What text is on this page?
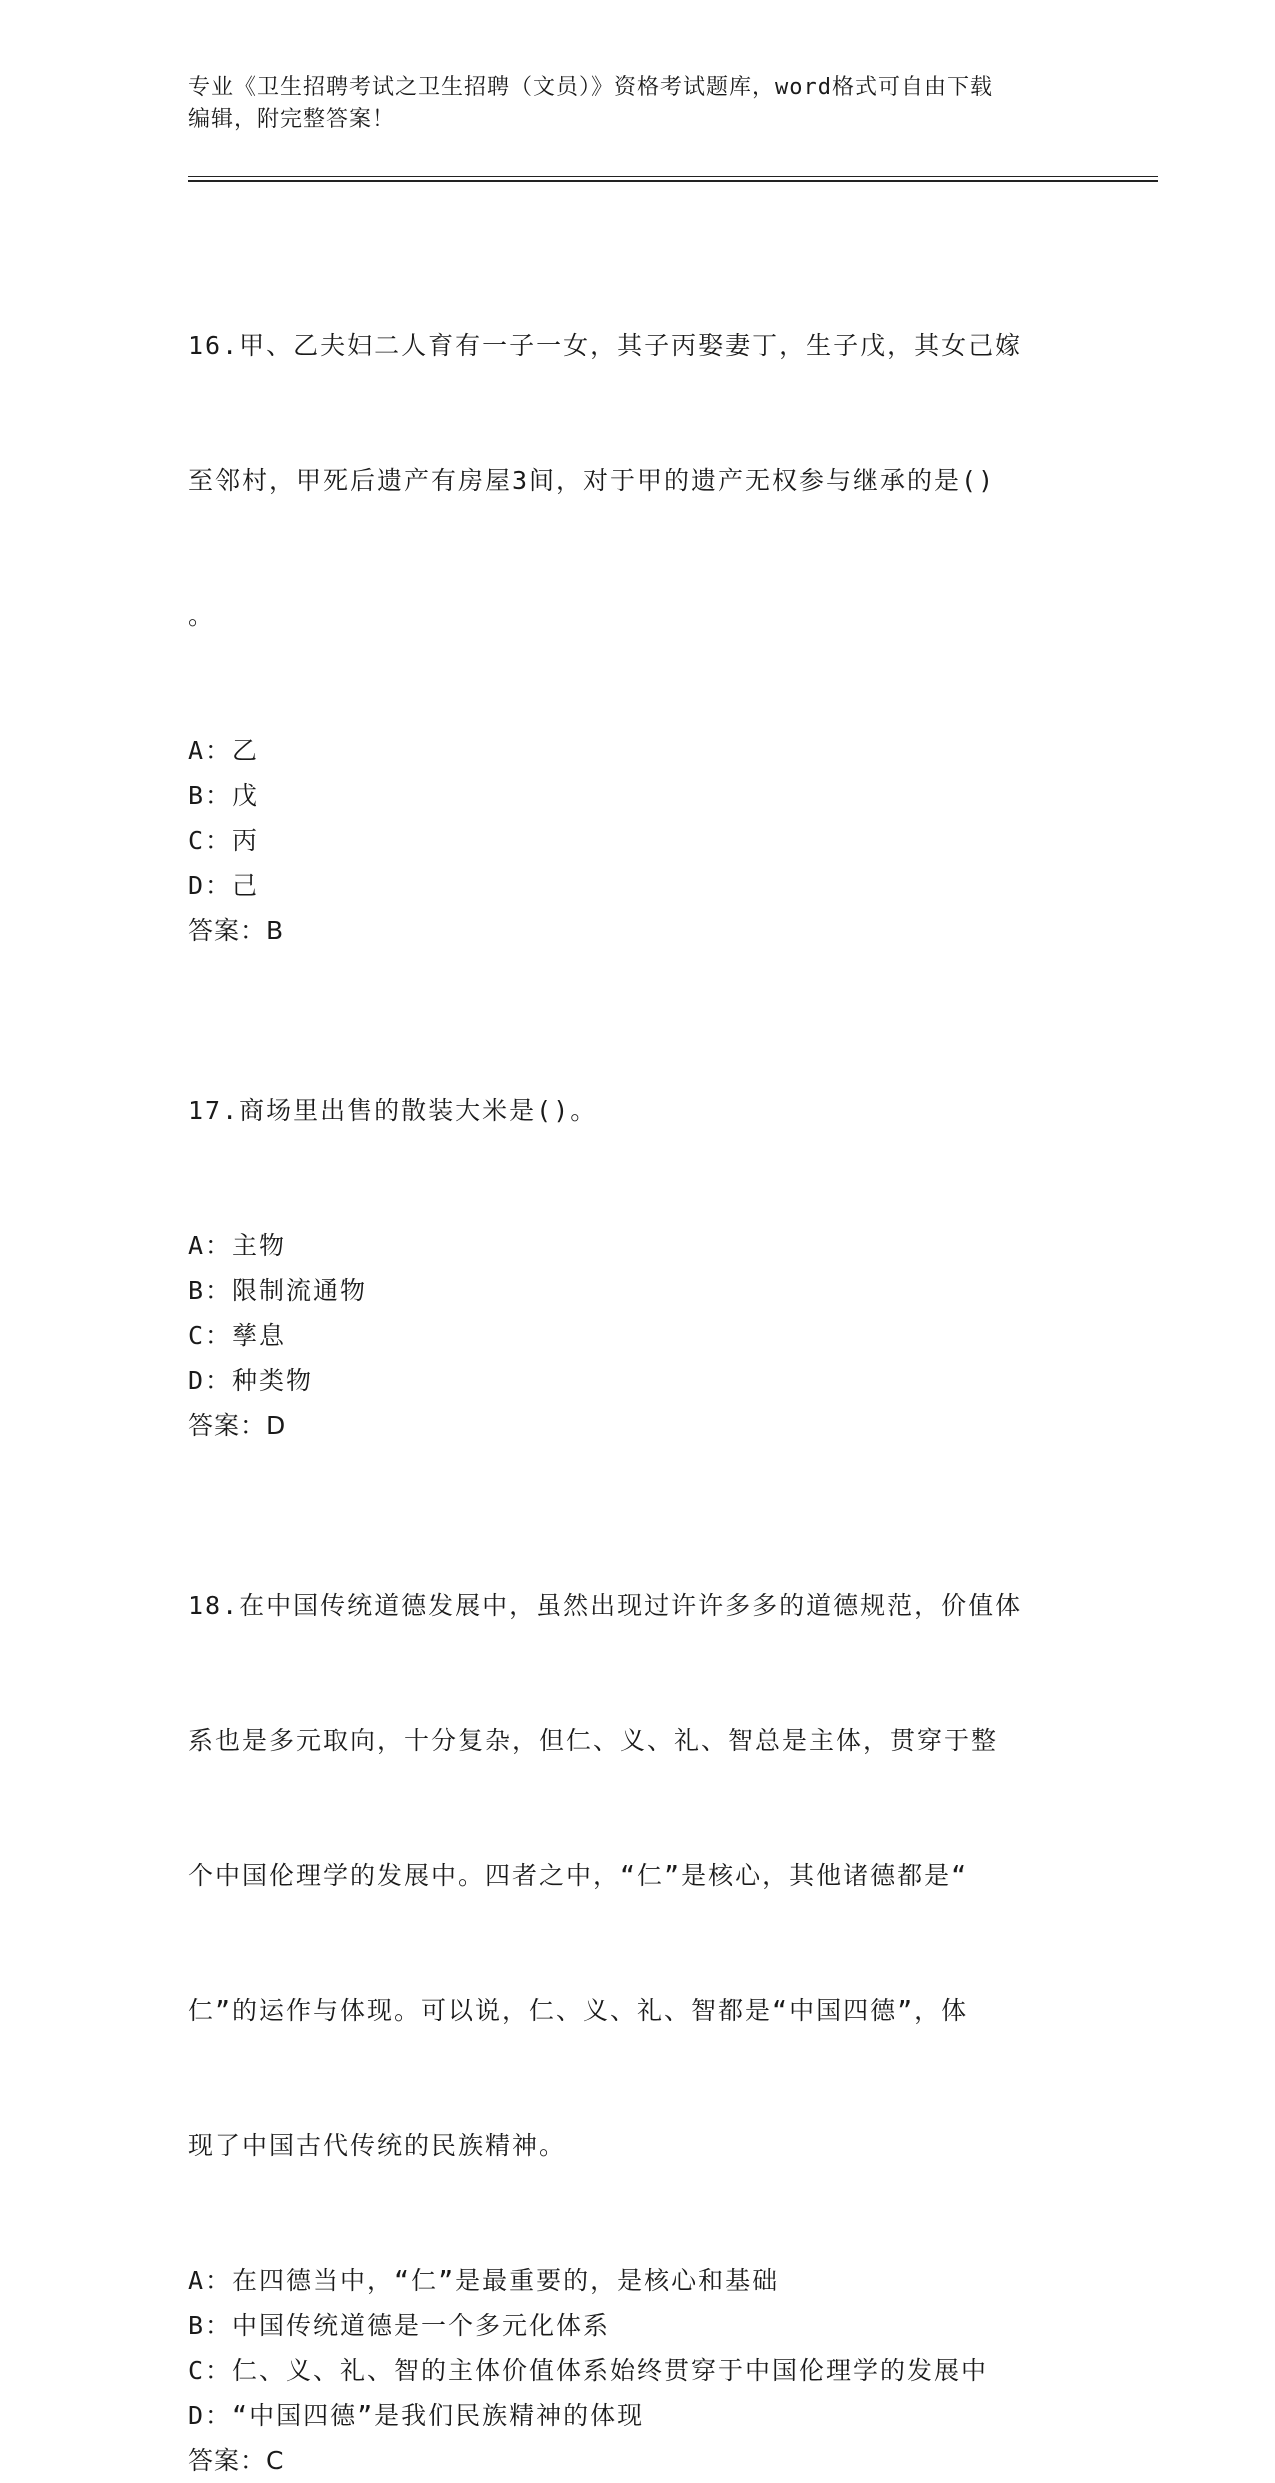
专业《卫生招聘考试之卫生招聘（文员）》资格考试题库，word格式可自由下载
编辑，附完整答案！

16.甲、乙夫妇二人育有一子一女，其子丙娶妻丁，生子戊，其女己嫁

至邻村，甲死后遗产有房屋3间，对于甲的遗产无权参与继承的是()

。

A：乙
B：戊
C：丙
D：己
答案：B

17.商场里出售的散装大米是()。

A：主物
B：限制流通物
C：孳息
D：种类物
答案：D

18.在中国传统道德发展中，虽然出现过许许多多的道德规范，价值体

系也是多元取向，十分复杂，但仁、义、礼、智总是主体，贯穿于整

个中国伦理学的发展中。四者之中，“仁”是核心，其他诸德都是“

仁”的运作与体现。可以说，仁、义、礼、智都是“中国四德”，体

现了中国古代传统的民族精神。

A：在四德当中，“仁”是最重要的，是核心和基础
B：中国传统道德是一个多元化体系
C：仁、义、礼、智的主体价值体系始终贯穿于中国伦理学的发展中
D：“中国四德”是我们民族精神的体现
答案：C
